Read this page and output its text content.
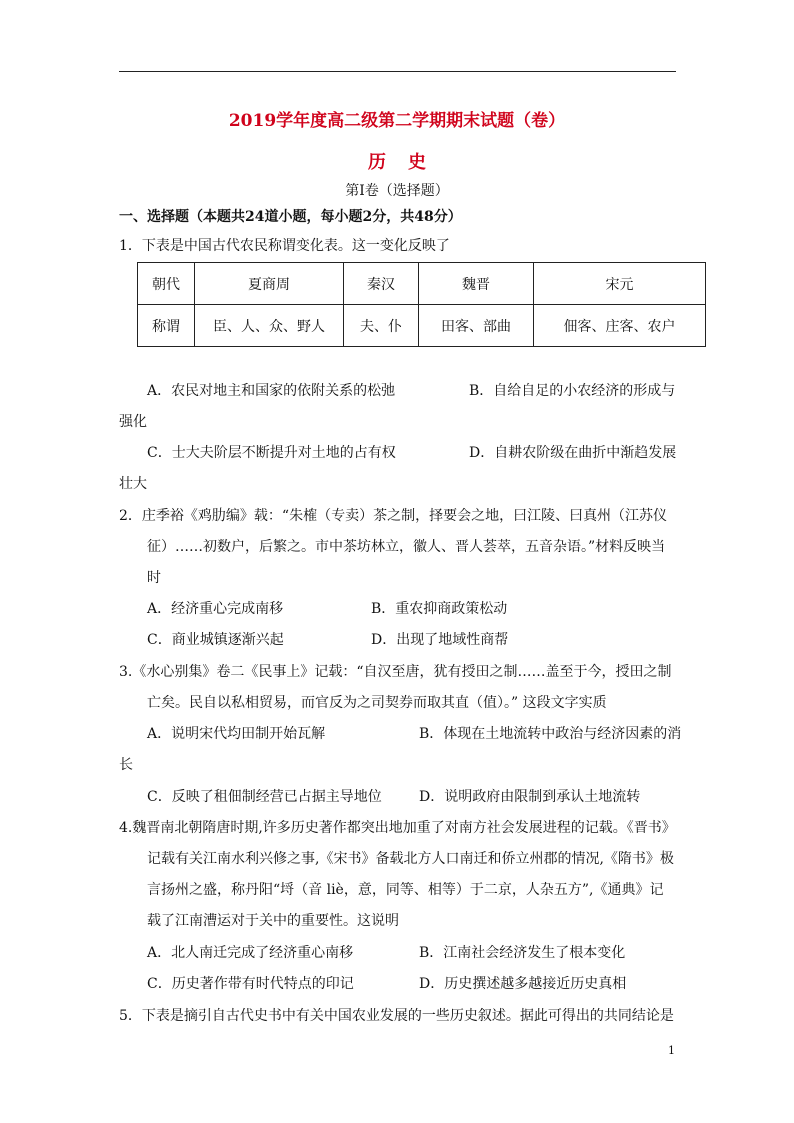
2019学年度高二级第二学期期末试题（卷）
历史
第Ⅰ卷（选择题）
一、选择题（本题共24道小题，每小题2分，共48分）
1．下表是中国古代农民称谓变化表。这一变化反映了
朝代	夏商周	秦汉	魏晋	宋元
称谓	臣、人、众、野人	夫、仆	田客、部曲	佃客、庄客、农户
A．农民对地主和国家的依附关系的松弛	B．自给自足的小农经济的形成与
强化
C．士大夫阶层不断提升对土地的占有权	D．自耕农阶级在曲折中渐趋发展
壮大
2．庄季裕《鸡肋编》载：“朱榷（专卖）茶之制，择要会之地，曰江陵、曰真州（江苏仪
征）……初数户，后繁之。市中茶坊林立，徽人、晋人荟萃，五音杂语。”材料反映当
时
A．经济重心完成南移	B．重农抑商政策松动
C．商业城镇逐渐兴起	D．出现了地域性商帮
3.《水心别集》卷二《民事上》记载：“自汉至唐，犹有授田之制……盖至于今，授田之制
亡矣。民自以私相贸易，而官反为之司契券而取其直（值）。” 这段文字实质
A．说明宋代均田制开始瓦解	B．体现在土地流转中政治与经济因素的消
长
C．反映了租佃制经营已占据主导地位	D．说明政府由限制到承认土地流转
4.魏晋南北朝隋唐时期,许多历史著作都突出地加重了对南方社会发展进程的记载。《晋书》
记载有关江南水利兴修之事,《宋书》备载北方人口南迁和侨立州郡的情况,《隋书》极
言扬州之盛，称丹阳“埒（音 liè，意，同等、相等）于二京，人杂五方”,《通典》记
载了江南漕运对于关中的重要性。这说明
A．北人南迁完成了经济重心南移	B．江南社会经济发生了根本变化
C．历史著作带有时代特点的印记	D．历史撰述越多越接近历史真相
5．下表是摘引自古代史书中有关中国农业发展的一些历史叙述。据此可得出的共同结论是
1
